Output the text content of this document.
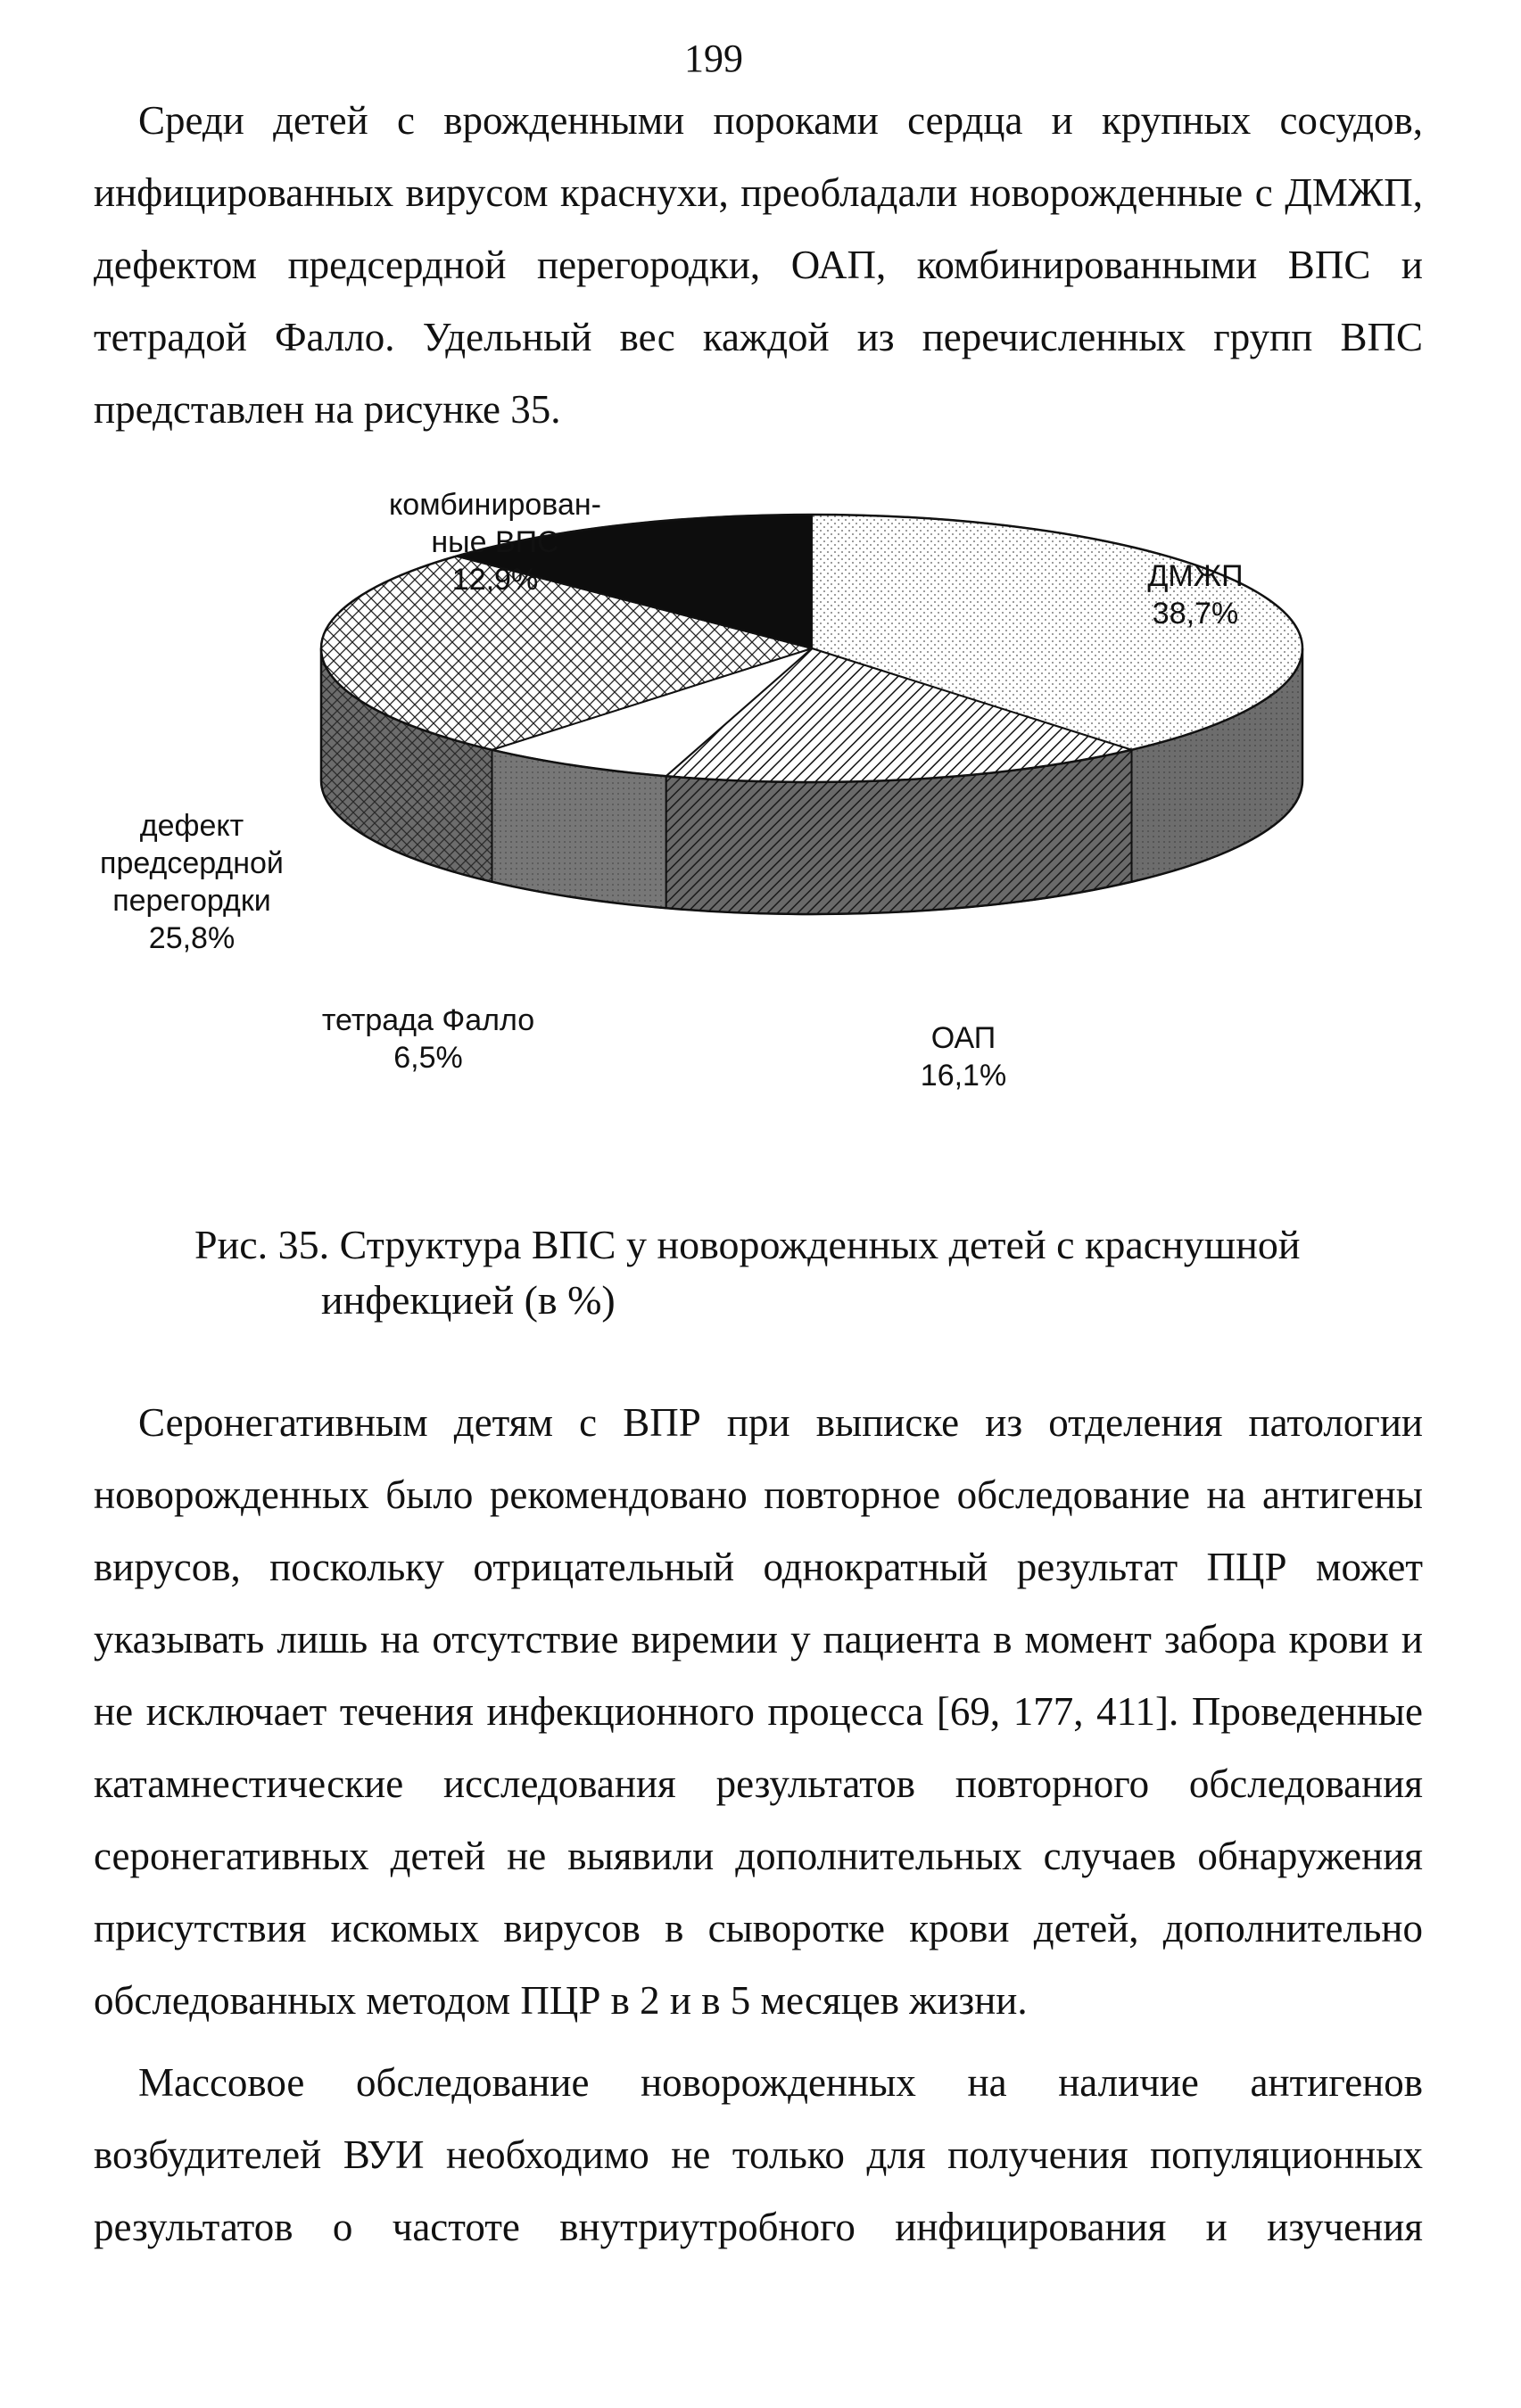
199
Среди детей с врожденными пороками сердца и крупных сосудов,
инфицированных вирусом краснухи, преобладали новорожденные с ДМЖП,
дефектом предсердной перегородки, ОАП, комбинированными ВПС и
тетрадой Фалло. Удельный вес каждой из перечисленных групп ВПС
представлен на рисунке 35.
комбинирован-
ные ВПС
12,9%	ДМЖП
38,7%
дефект
предсердной
перегордки
25,8%
тетрада Фалло
6,5%
ОАП
16,1%
Рис. 35. Структура ВПС у новорожденных детей с краснушной
инфекцией (в %)
Серонегативным детям с ВПР при выписке из отделения патологии
новорожденных было рекомендовано повторное обследование на антигены
вирусов, поскольку отрицательный однократный результат ПЦР может
указывать лишь на отсутствие виремии у пациента в момент забора крови и
не исключает течения инфекционного процесса [69, 177, 411]. Проведенные
катамнестические исследования результатов повторного обследования
серонегативных детей не выявили дополнительных случаев обнаружения
присутствия искомых вирусов в сыворотке крови детей, дополнительно
обследованных методом ПЦР в 2 и в 5 месяцев жизни.
Массовое обследование новорожденных на наличие антигенов
возбудителей ВУИ необходимо не только для получения популяционных
результатов о частоте внутриутробного инфицирования и изучения
